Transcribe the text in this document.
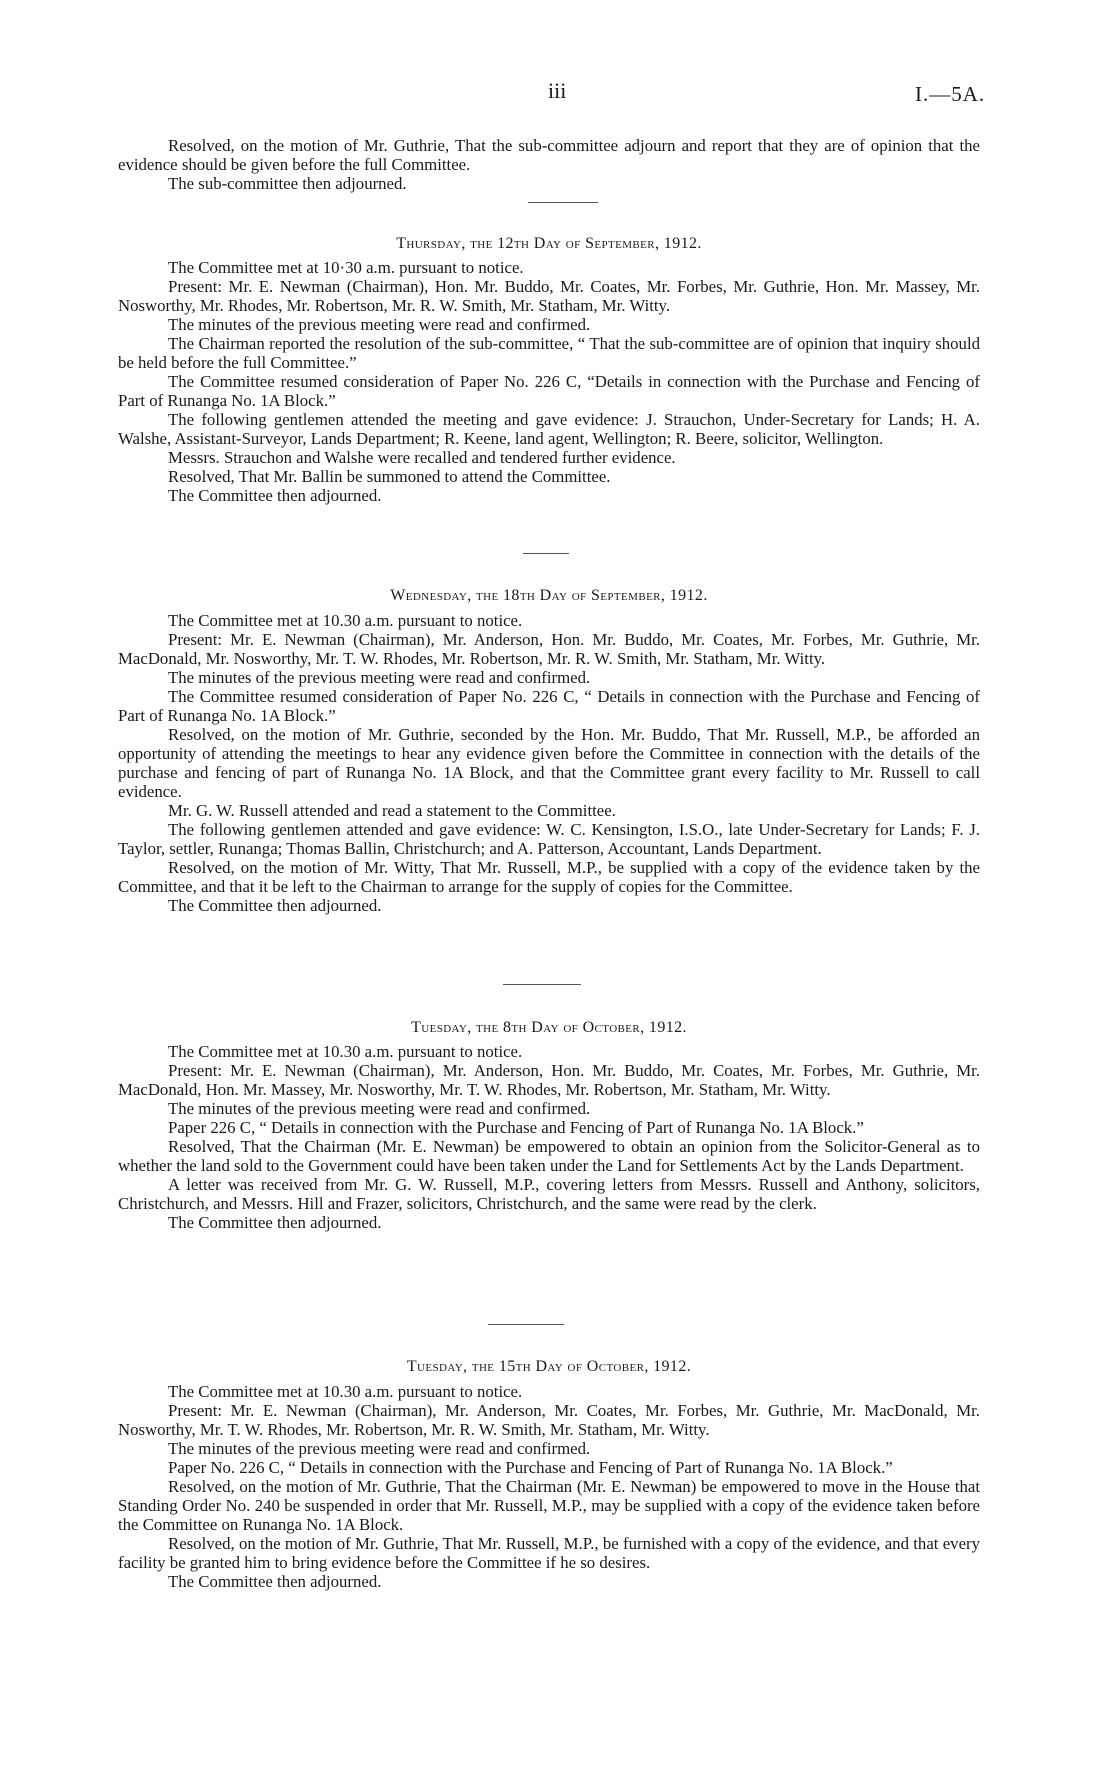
iii	I.—5A.

Resolved, on the motion of Mr. Guthrie, That the sub-committee adjourn and report that they are of opinion that the evidence should be given before the full Committee.

The sub-committee then adjourned.

Thursday, the 12th Day of September, 1912.

The Committee met at 10·30 a.m. pursuant to notice.

Present: Mr. E. Newman (Chairman), Hon. Mr. Buddo, Mr. Coates, Mr. Forbes, Mr. Guthrie, Hon. Mr. Massey, Mr. Nosworthy, Mr. Rhodes, Mr. Robertson, Mr. R. W. Smith, Mr. Statham, Mr. Witty.

The minutes of the previous meeting were read and confirmed.

The Chairman reported the resolution of the sub-committee, “ That the sub-committee are of opinion that inquiry should be held before the full Committee.”

The Committee resumed consideration of Paper No. 226 C, “Details in connection with the Purchase and Fencing of Part of Runanga No. 1A Block.”

The following gentlemen attended the meeting and gave evidence: J. Strauchon, Under-Secretary for Lands; H. A. Walshe, Assistant-Surveyor, Lands Department; R. Keene, land agent, Wellington; R. Beere, solicitor, Wellington.

Messrs. Strauchon and Walshe were recalled and tendered further evidence.

Resolved, That Mr. Ballin be summoned to attend the Committee.

The Committee then adjourned.

Wednesday, the 18th Day of September, 1912.

The Committee met at 10.30 a.m. pursuant to notice.

Present: Mr. E. Newman (Chairman), Mr. Anderson, Hon. Mr. Buddo, Mr. Coates, Mr. Forbes, Mr. Guthrie, Mr. MacDonald, Mr. Nosworthy, Mr. T. W. Rhodes, Mr. Robertson, Mr. R. W. Smith, Mr. Statham, Mr. Witty.

The minutes of the previous meeting were read and confirmed.

The Committee resumed consideration of Paper No. 226 C, “ Details in connection with the Purchase and Fencing of Part of Runanga No. 1A Block.”

Resolved, on the motion of Mr. Guthrie, seconded by the Hon. Mr. Buddo, That Mr. Russell, M.P., be afforded an opportunity of attending the meetings to hear any evidence given before the Committee in connection with the details of the purchase and fencing of part of Runanga No. 1A Block, and that the Committee grant every facility to Mr. Russell to call evidence.

Mr. G. W. Russell attended and read a statement to the Committee.

The following gentlemen attended and gave evidence: W. C. Kensington, I.S.O., late Under-Secretary for Lands; F. J. Taylor, settler, Runanga; Thomas Ballin, Christchurch; and A. Patterson, Accountant, Lands Department.

Resolved, on the motion of Mr. Witty, That Mr. Russell, M.P., be supplied with a copy of the evidence taken by the Committee, and that it be left to the Chairman to arrange for the supply of copies for the Committee.

The Committee then adjourned.

Tuesday, the 8th Day of October, 1912.

The Committee met at 10.30 a.m. pursuant to notice.

Present: Mr. E. Newman (Chairman), Mr. Anderson, Hon. Mr. Buddo, Mr. Coates, Mr. Forbes, Mr. Guthrie, Mr. MacDonald, Hon. Mr. Massey, Mr. Nosworthy, Mr. T. W. Rhodes, Mr. Robertson, Mr. Statham, Mr. Witty.

The minutes of the previous meeting were read and confirmed.

Paper 226 C, “ Details in connection with the Purchase and Fencing of Part of Runanga No. 1A Block.”

Resolved, That the Chairman (Mr. E. Newman) be empowered to obtain an opinion from the Solicitor-General as to whether the land sold to the Government could have been taken under the Land for Settlements Act by the Lands Department.

A letter was received from Mr. G. W. Russell, M.P., covering letters from Messrs. Russell and Anthony, solicitors, Christchurch, and Messrs. Hill and Frazer, solicitors, Christchurch, and the same were read by the clerk.

The Committee then adjourned.

Tuesday, the 15th Day of October, 1912.

The Committee met at 10.30 a.m. pursuant to notice.

Present: Mr. E. Newman (Chairman), Mr. Anderson, Mr. Coates, Mr. Forbes, Mr. Guthrie, Mr. MacDonald, Mr. Nosworthy, Mr. T. W. Rhodes, Mr. Robertson, Mr. R. W. Smith, Mr. Statham, Mr. Witty.

The minutes of the previous meeting were read and confirmed.

Paper No. 226 C, “ Details in connection with the Purchase and Fencing of Part of Runanga No. 1A Block.”

Resolved, on the motion of Mr. Guthrie, That the Chairman (Mr. E. Newman) be empowered to move in the House that Standing Order No. 240 be suspended in order that Mr. Russell, M.P., may be supplied with a copy of the evidence taken before the Committee on Runanga No. 1A Block.

Resolved, on the motion of Mr. Guthrie, That Mr. Russell, M.P., be furnished with a copy of the evidence, and that every facility be granted him to bring evidence before the Committee if he so desires.

The Committee then adjourned.
